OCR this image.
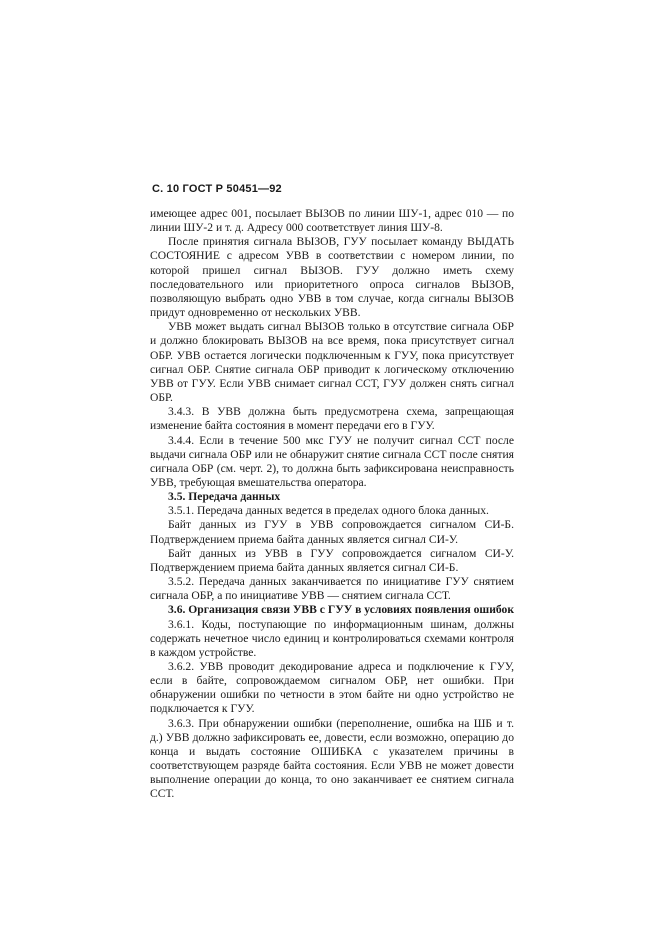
С. 10 ГОСТ Р 50451—92

имеющее адрес 001, посылает ВЫЗОВ по линии ШУ-1, адрес 010 — по линии ШУ-2 и т. д. Адресу 000 соответствует линия ШУ-8.

После принятия сигнала ВЫЗОВ, ГУУ посылает команду ВЫДАТЬ СОСТОЯНИЕ с адресом УВВ в соответствии с номером линии, по которой пришел сигнал ВЫЗОВ. ГУУ должно иметь схему последовательного или приоритетного опроса сигналов ВЫЗОВ, позволяющую выбрать одно УВВ в том случае, когда сигналы ВЫЗОВ придут одновременно от нескольких УВВ.

УВВ может выдать сигнал ВЫЗОВ только в отсутствие сигнала ОБР и должно блокировать ВЫЗОВ на все время, пока присутствует сигнал ОБР. УВВ остается логически подключенным к ГУУ, пока присутствует сигнал ОБР. Снятие сигнала ОБР приводит к логическому отключению УВВ от ГУУ. Если УВВ снимает сигнал ССТ, ГУУ должен снять сигнал ОБР.

3.4.3. В УВВ должна быть предусмотрена схема, запрещающая изменение байта состояния в момент передачи его в ГУУ.

3.4.4. Если в течение 500 мкс ГУУ не получит сигнал ССТ после выдачи сигнала ОБР или не обнаружит снятие сигнала ССТ после снятия сигнала ОБР (см. черт. 2), то должна быть зафиксирована неисправность УВВ, требующая вмешательства оператора.

3.5. Передача данных

3.5.1. Передача данных ведется в пределах одного блока данных.

Байт данных из ГУУ в УВВ сопровождается сигналом СИ-Б. Подтверждением приема байта данных является сигнал СИ-У.

Байт данных из УВВ в ГУУ сопровождается сигналом СИ-У. Подтверждением приема байта данных является сигнал СИ-Б.

3.5.2. Передача данных заканчивается по инициативе ГУУ снятием сигнала ОБР, а по инициативе УВВ — снятием сигнала ССТ.

3.6. Организация связи УВВ с ГУУ в условиях появления ошибок

3.6.1. Коды, поступающие по информационным шинам, должны содержать нечетное число единиц и контролироваться схемами контроля в каждом устройстве.

3.6.2. УВВ проводит декодирование адреса и подключение к ГУУ, если в байте, сопровождаемом сигналом ОБР, нет ошибки. При обнаружении ошибки по четности в этом байте ни одно устройство не подключается к ГУУ.

3.6.3. При обнаружении ошибки (переполнение, ошибка на ШБ и т. д.) УВВ должно зафиксировать ее, довести, если возможно, операцию до конца и выдать состояние ОШИБКА с указателем причины в соответствующем разряде байта состояния. Если УВВ не может довести выполнение операции до конца, то оно заканчивает ее снятием сигнала ССТ.
